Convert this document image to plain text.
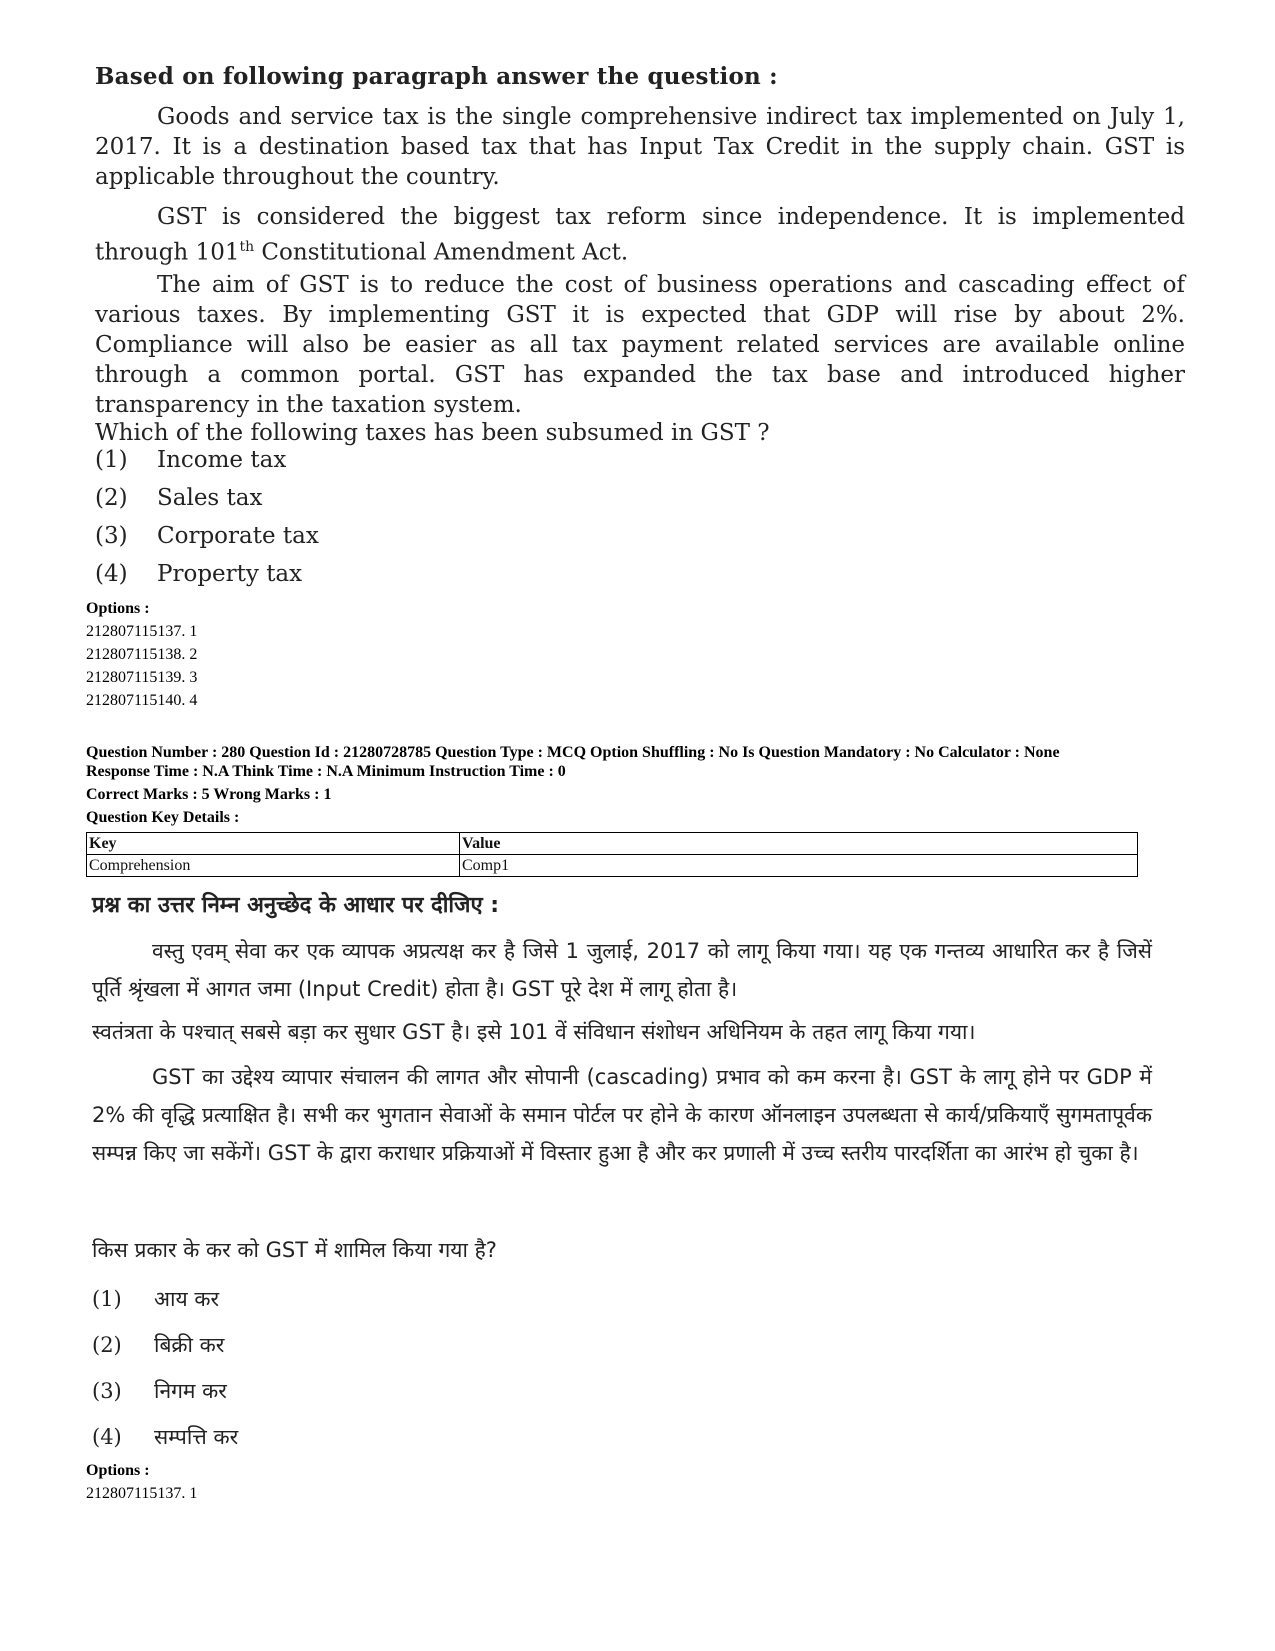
Based on following paragraph answer the question :
Goods and service tax is the single comprehensive indirect tax implemented on July 1, 2017. It is a destination based tax that has Input Tax Credit in the supply chain. GST is applicable throughout the country.
GST is considered the biggest tax reform since independence. It is implemented through 101th Constitutional Amendment Act.
The aim of GST is to reduce the cost of business operations and cascading effect of various taxes. By implementing GST it is expected that GDP will rise by about 2%. Compliance will also be easier as all tax payment related services are available online through a common portal. GST has expanded the tax base and introduced higher transparency in the taxation system.
Which of the following taxes has been subsumed in GST ?
(1) Income tax
(2) Sales tax
(3) Corporate tax
(4) Property tax
Options :
212807115137. 1
212807115138. 2
212807115139. 3
212807115140. 4
Question Number : 280 Question Id : 21280728785 Question Type : MCQ Option Shuffling : No Is Question Mandatory : No Calculator : None
Response Time : N.A Think Time : N.A Minimum Instruction Time : 0
Correct Marks : 5 Wrong Marks : 1
Question Key Details :
Key	Value
Comprehension	Comp1
प्रश्न का उत्तर निम्न अनुच्छेद के आधार पर दीजिए :
वस्तु एवम् सेवा कर एक व्यापक अप्रत्यक्ष कर है जिसे 1 जुलाई, 2017 को लागू किया गया। यह एक गन्तव्य आधारित कर है जिसें पूर्ति श्रृंखला में आगत जमा (Input Credit) होता है। GST पूरे देश में लागू होता है।
स्वतंत्रता के पश्चात् सबसे बड़ा कर सुधार GST है। इसे 101 वें संविधान संशोधन अधिनियम के तहत लागू किया गया।
GST का उद्देश्य व्यापार संचालन की लागत और सोपानी (cascading) प्रभाव को कम करना है। GST के लागू होने पर GDP में 2% की वृद्धि प्रत्याक्षित है। सभी कर भुगतान सेवाओं के समान पोर्टल पर होने के कारण ऑनलाइन उपलब्धता से कार्य/प्रकियाएँ सुगमतापूर्वक सम्पन्न किए जा सकेंगें। GST के द्वारा कराधार प्रक्रियाओं में विस्तार हुआ है और कर प्रणाली में उच्च स्तरीय पारदर्शिता का आरंभ हो चुका है।
किस प्रकार के कर को GST में शामिल किया गया है?
(1) आय कर
(2) बिक्री कर
(3) निगम कर
(4) सम्पत्ति कर
Options :
212807115137. 1
